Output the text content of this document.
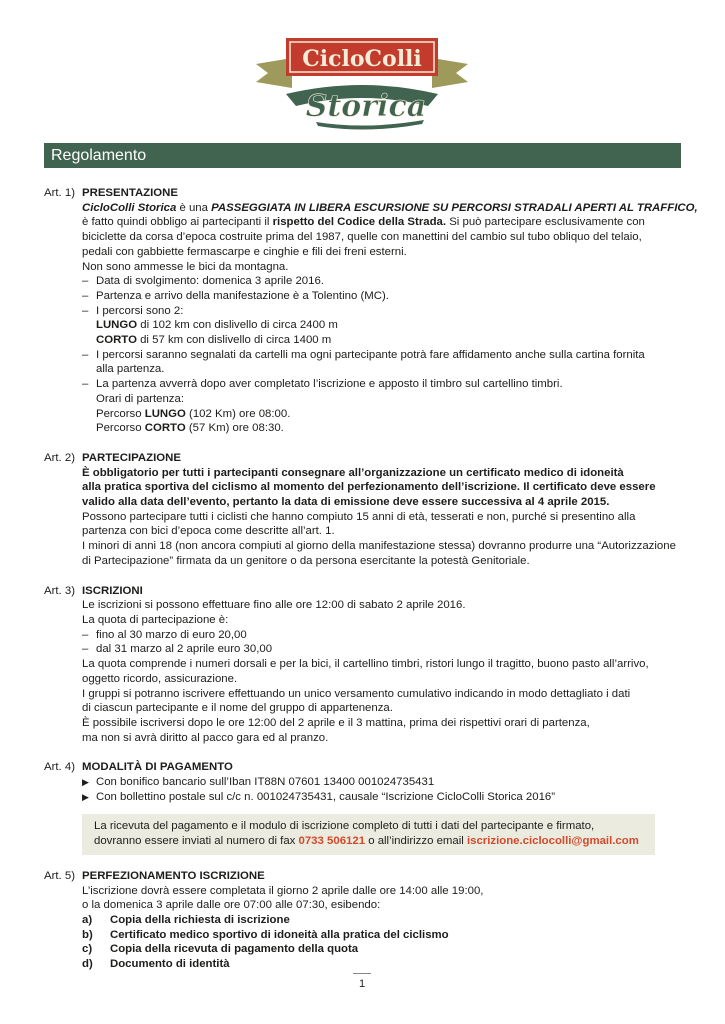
CicloColli
Storica
Regolamento
Art. 1) PRESENTAZIONE
CicloColli Storica è una PASSEGGIATA IN LIBERA ESCURSIONE SU PERCORSI STRADALI APERTI AL TRAFFICO,
è fatto quindi obbligo ai partecipanti il rispetto del Codice della Strada. Si può partecipare esclusivamente con
biciclette da corsa d’epoca costruite prima del 1987, quelle con manettini del cambio sul tubo obliquo del telaio,
pedali con gabbiette fermascarpe e cinghie e fili dei freni esterni.
Non sono ammesse le bici da montagna.
– Data di svolgimento: domenica 3 aprile 2016.
– Partenza e arrivo della manifestazione è a Tolentino (MC).
– I percorsi sono 2:
LUNGO di 102 km con dislivello di circa 2400 m
CORTO di 57 km con dislivello di circa 1400 m
– I percorsi saranno segnalati da cartelli ma ogni partecipante potrà fare affidamento anche sulla cartina fornita
alla partenza.
– La partenza avverrà dopo aver completato l’iscrizione e apposto il timbro sul cartellino timbri.
Orari di partenza:
Percorso LUNGO (102 Km) ore 08:00.
Percorso CORTO (57 Km) ore 08:30.
Art. 2) PARTECIPAZIONE
È obbligatorio per tutti i partecipanti consegnare all’organizzazione un certificato medico di idoneità
alla pratica sportiva del ciclismo al momento del perfezionamento dell’iscrizione. Il certificato deve essere
valido alla data dell’evento, pertanto la data di emissione deve essere successiva al 4 aprile 2015.
Possono partecipare tutti i ciclisti che hanno compiuto 15 anni di età, tesserati e non, purché si presentino alla
partenza con bici d’epoca come descritte all’art. 1.
I minori di anni 18 (non ancora compiuti al giorno della manifestazione stessa) dovranno produrre una “Autorizzazione
di Partecipazione” firmata da un genitore o da persona esercitante la potestà Genitoriale.
Art. 3) ISCRIZIONI
Le iscrizioni si possono effettuare fino alle ore 12:00 di sabato 2 aprile 2016.
La quota di partecipazione è:
– fino al 30 marzo di euro 20,00
– dal 31 marzo al 2 aprile euro 30,00
La quota comprende i numeri dorsali e per la bici, il cartellino timbri, ristori lungo il tragitto, buono pasto all’arrivo,
oggetto ricordo, assicurazione.
I gruppi si potranno iscrivere effettuando un unico versamento cumulativo indicando in modo dettagliato i dati
di ciascun partecipante e il nome del gruppo di appartenenza.
È possibile iscriversi dopo le ore 12:00 del 2 aprile e il 3 mattina, prima dei rispettivi orari di partenza,
ma non si avrà diritto al pacco gara ed al pranzo.
Art. 4) MODALITÀ DI PAGAMENTO
▶ Con bonifico bancario sull’Iban IT88N 07601 13400 001024735431
▶ Con bollettino postale sul c/c n. 001024735431, causale “Iscrizione CicloColli Storica 2016”
La ricevuta del pagamento e il modulo di iscrizione completo di tutti i dati del partecipante e firmato,
dovranno essere inviati al numero di fax 0733 506121 o all’indirizzo email iscrizione.ciclocolli@gmail.com
Art. 5) PERFEZIONAMENTO ISCRIZIONE
L’iscrizione dovrà essere completata il giorno 2 aprile dalle ore 14:00 alle 19:00,
o la domenica 3 aprile dalle ore 07:00 alle 07:30, esibendo:
a) Copia della richiesta di iscrizione
b) Certificato medico sportivo di idoneità alla pratica del ciclismo
c) Copia della ricevuta di pagamento della quota
d) Documento di identità
1
